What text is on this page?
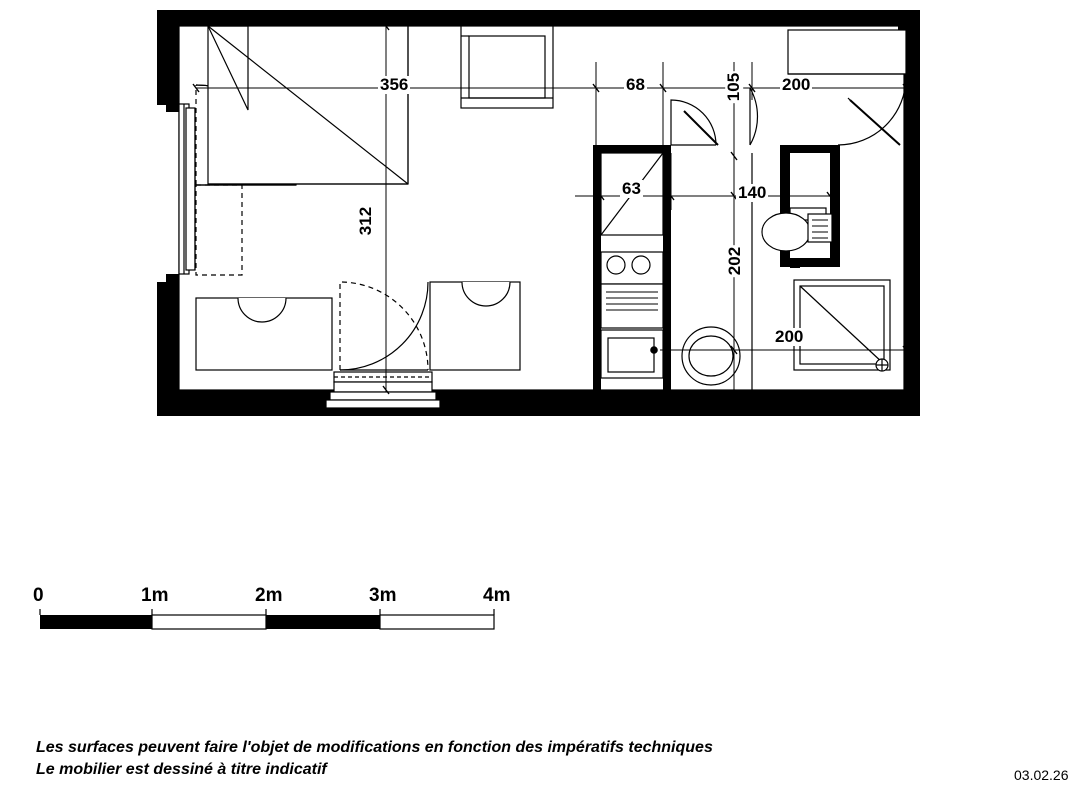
356	68	105 200
63	140
312
202
200
0	1m	2m	3m	4m
Les surfaces peuvent faire l'objet de modifications en fonction des impératifs techniques
Le mobilier est dessiné à titre indicatif	03.02.26
